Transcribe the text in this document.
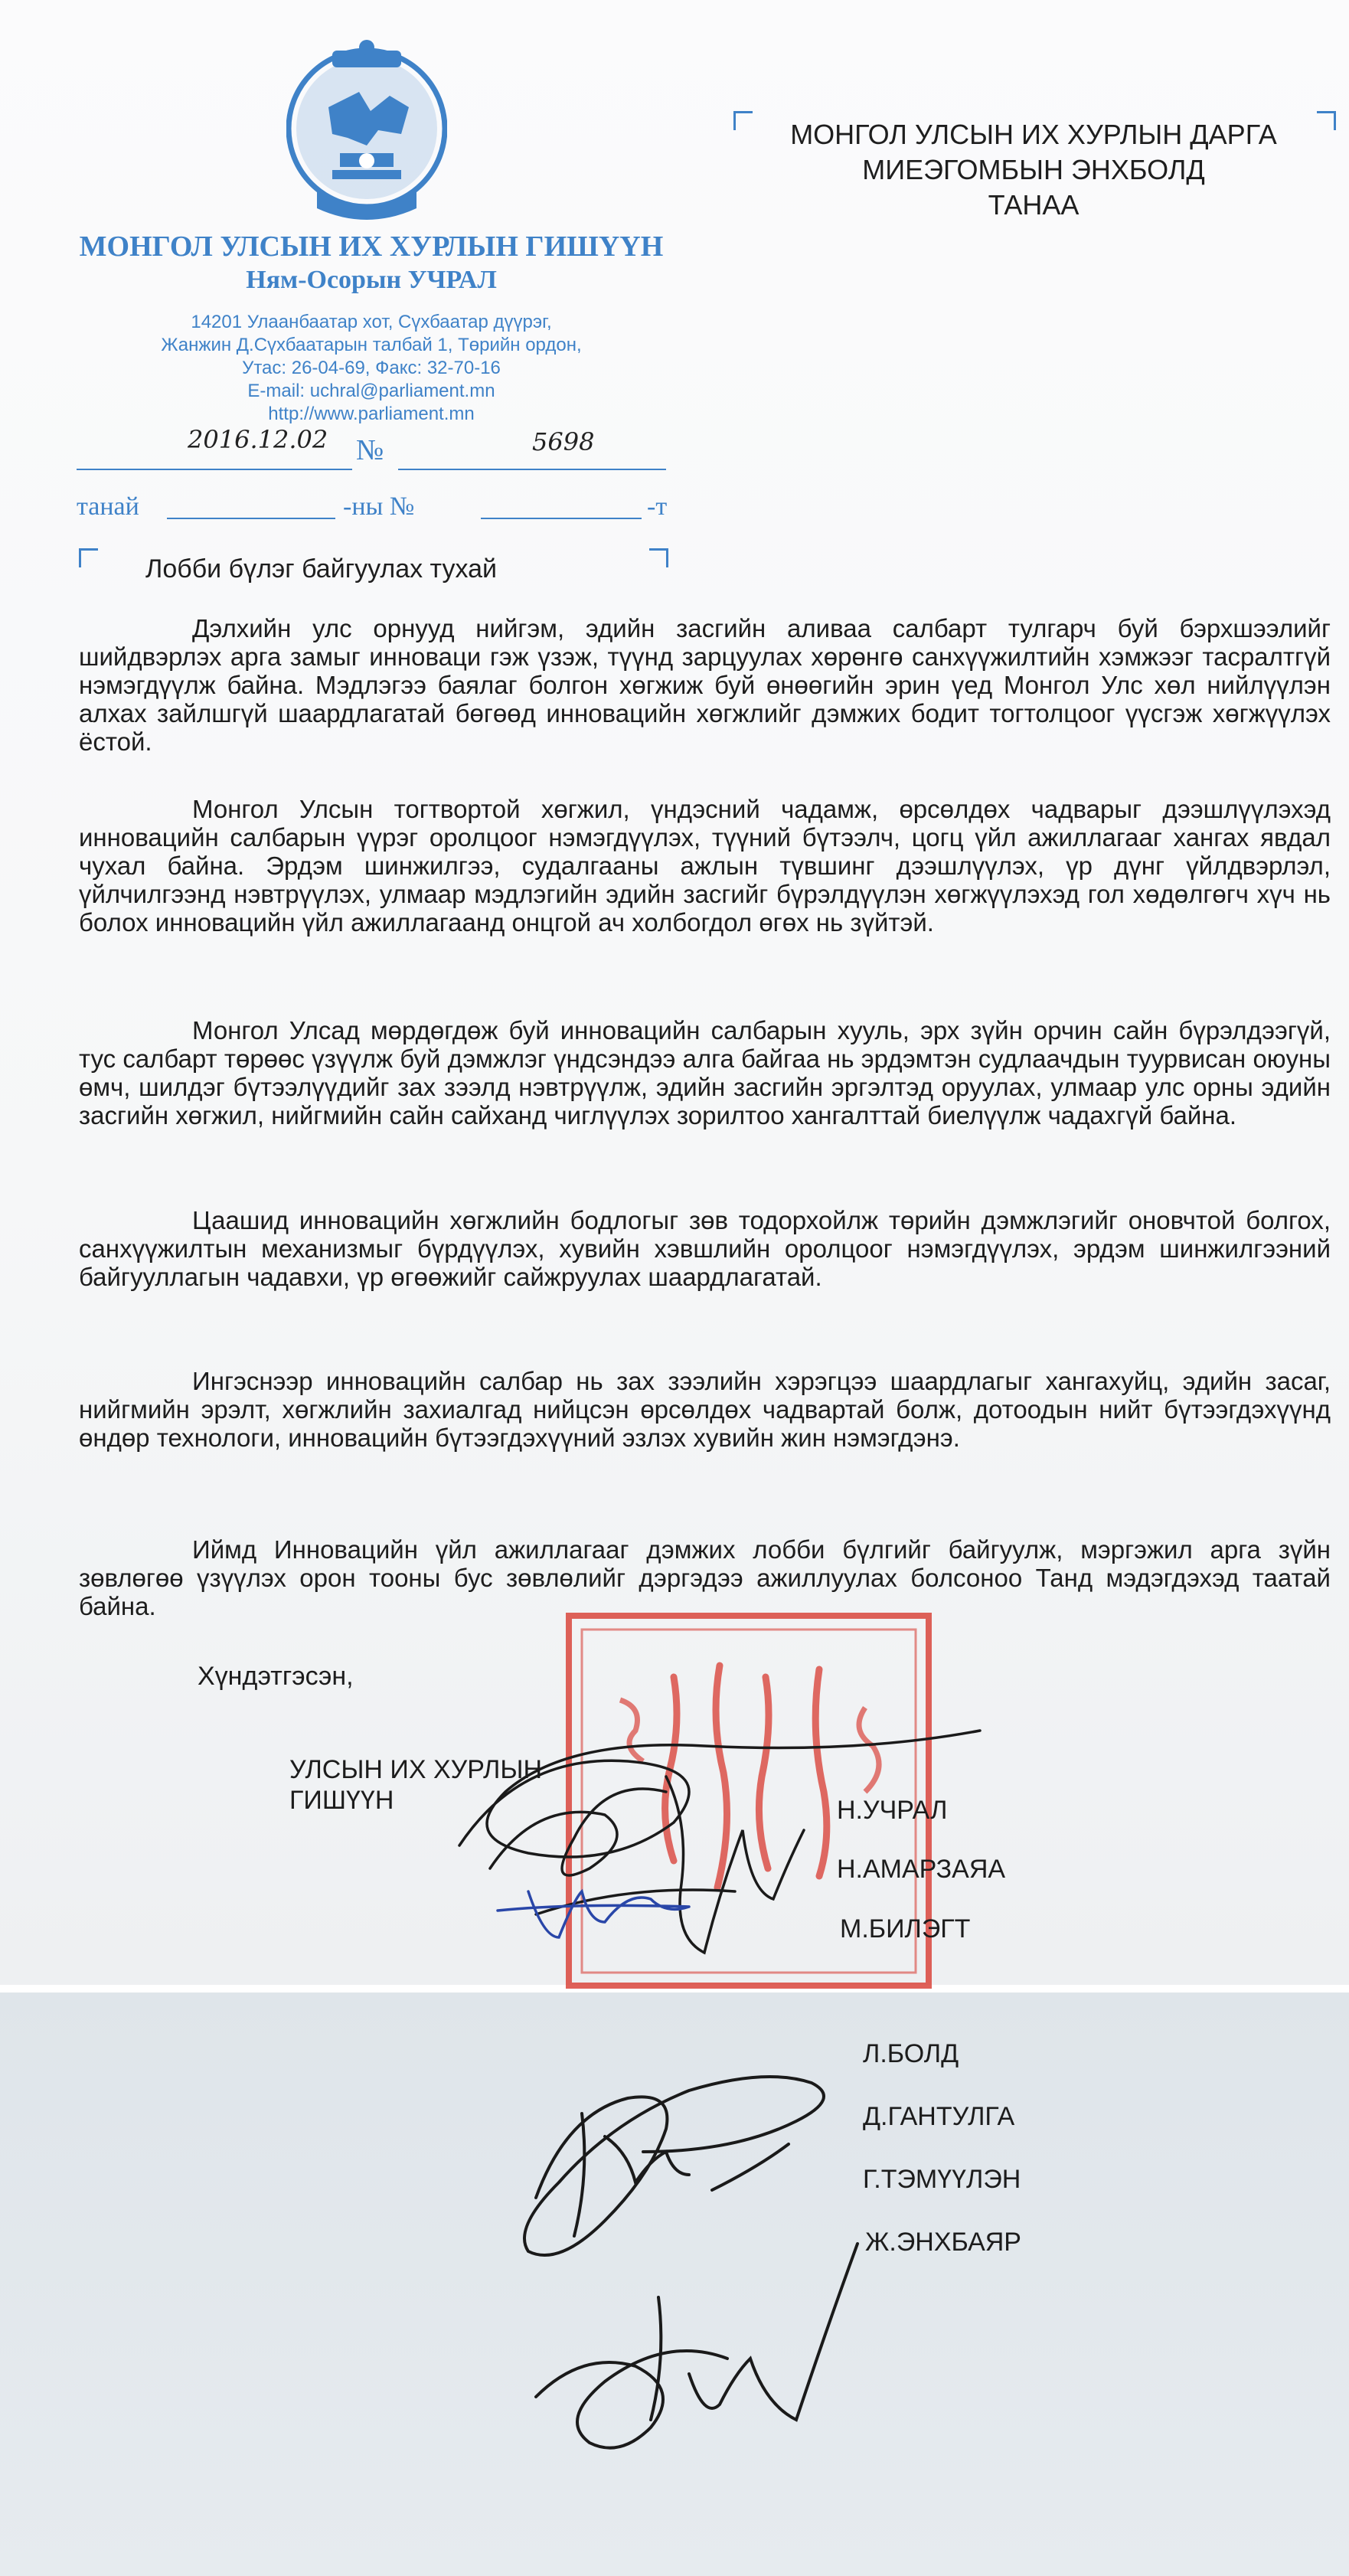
МОНГОЛ УЛСЫН ИХ ХУРЛЫН ГИШҮҮН
Ням-Осорын УЧРАЛ
14201 Улаанбаатар хот, Сүхбаатар дүүрэг,
Жанжин Д.Сүхбаатарын талбай 1, Төрийн ордон,
Утас: 26-04-69, Факс: 32-70-16
E-mail: uchral@parliament.mn
http://www.parliament.mn
2016.12.02 №	5698
танай	-ны №	-т
МОНГОЛ УЛСЫН ИХ ХУРЛЫН ДАРГА
МИЕЭГОМБЫН ЭНХБОЛД
ТАНАА
Лобби бүлэг байгуулах тухай
Дэлхийн улс орнууд нийгэм, эдийн засгийн аливаа салбарт тулгарч буй бэрхшээлийг шийдвэрлэх арга замыг инноваци гэж үзэж, түүнд зарцуулах хөрөнгө санхүүжилтийн хэмжээг тасралтгүй нэмэгдүүлж байна. Мэдлэгээ баялаг болгон хөгжиж буй өнөөгийн эрин үед Монгол Улс хөл нийлүүлэн алхах зайлшгүй шаардлагатай бөгөөд инновацийн хөгжлийг дэмжих бодит тогтолцоог үүсгэж хөгжүүлэх ёстой.
Монгол Улсын тогтвортой хөгжил, үндэсний чадамж, өрсөлдөх чадварыг дээшлүүлэхэд инновацийн салбарын үүрэг оролцоог нэмэгдүүлэх, түүний бүтээлч, цогц үйл ажиллагааг хангах явдал чухал байна. Эрдэм шинжилгээ, судалгааны ажлын түвшинг дээшлүүлэх, үр дүнг үйлдвэрлэл, үйлчилгээнд нэвтрүүлэх, улмаар мэдлэгийн эдийн засгийг бүрэлдүүлэн хөгжүүлэхэд гол хөдөлгөгч хүч нь болох инновацийн үйл ажиллагаанд онцгой ач холбогдол өгөх нь зүйтэй.
Монгол Улсад мөрдөгдөж буй инновацийн салбарын хууль, эрх зүйн орчин сайн бүрэлдээгүй, тус салбарт төрөөс үзүүлж буй дэмжлэг үндсэндээ алга байгаа нь эрдэмтэн судлаачдын туурвисан оюуны өмч, шилдэг бүтээлүүдийг зах зээлд нэвтрүүлж, эдийн засгийн эргэлтэд оруулах, улмаар улс орны эдийн засгийн хөгжил, нийгмийн сайн сайханд чиглүүлэх зорилтоо хангалттай биелүүлж чадахгүй байна.
Цаашид инновацийн хөгжлийн бодлогыг зөв тодорхойлж төрийн дэмжлэгийг оновчтой болгох, санхүүжилтын механизмыг бүрдүүлэх, хувийн хэвшлийн оролцоог нэмэгдүүлэх, эрдэм шинжилгээний байгууллагын чадавхи, үр өгөөжийг сайжруулах шаардлагатай.
Ингэснээр инновацийн салбар нь зах зээлийн хэрэгцээ шаардлагыг хангахуйц, эдийн засаг, нийгмийн эрэлт, хөгжлийн захиалгад нийцсэн өрсөлдөх чадвартай болж, дотоодын нийт бүтээгдэхүүнд өндөр технологи, инновацийн бүтээгдэхүүний эзлэх хувийн жин нэмэгдэнэ.
Иймд Инновацийн үйл ажиллагааг дэмжих лобби бүлгийг байгуулж, мэргэжил арга зүйн зөвлөгөө үзүүлэх орон тооны бус зөвлөлийг дэргэдээ ажиллуулах болсоноо Танд мэдэгдэхэд таатай байна.
Хүндэтгэсэн,
УЛСЫН ИХ ХУРЛЫН
ГИШҮҮН	Н.УЧРАЛ
Н.АМАРЗАЯА
М.БИЛЭГТ
Л.БОЛД
Д.ГАНТУЛГА
Г.ТЭМҮҮЛЭН
Ж.ЭНХБАЯР
